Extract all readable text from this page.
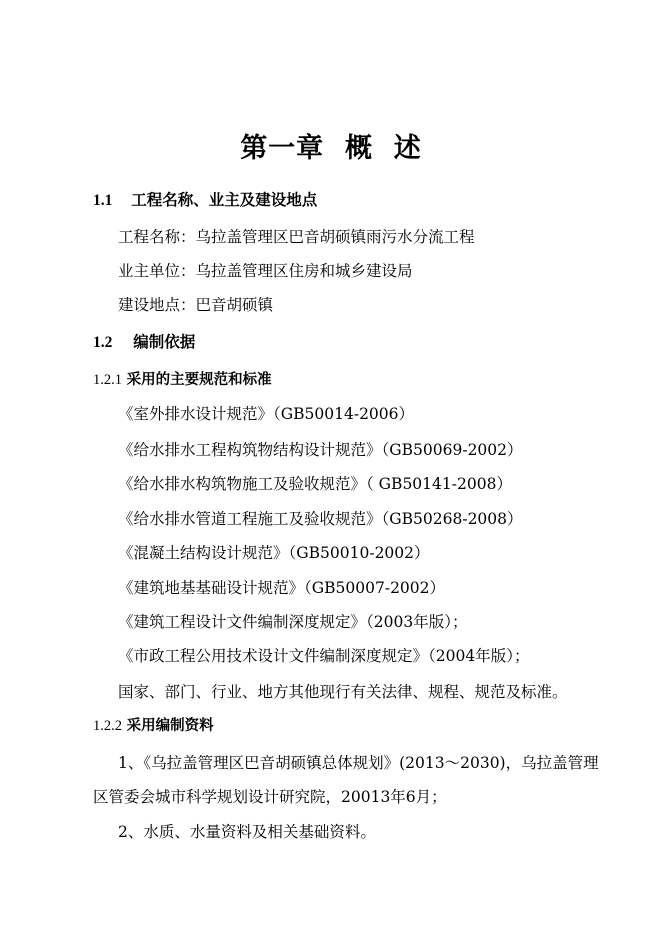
第一章  概  述
1.1 工程名称、业主及建设地点
工程名称：乌拉盖管理区巴音胡硕镇雨污水分流工程
业主单位：乌拉盖管理区住房和城乡建设局
建设地点：巴音胡硕镇
1.2 编制依据
1.2.1 采用的主要规范和标准
《室外排水设计规范》（GB50014-2006）
《给水排水工程构筑物结构设计规范》（GB50069-2002）
《给水排水构筑物施工及验收规范》（ GB50141-2008）
《给水排水管道工程施工及验收规范》（GB50268-2008）
《混凝土结构设计规范》（GB50010-2002）
《建筑地基基础设计规范》（GB50007-2002）
《建筑工程设计文件编制深度规定》（2003年版）；
《市政工程公用技术设计文件编制深度规定》（2004年版）；
国家、部门、行业、地方其他现行有关法律、规程、规范及标准。
1.2.2 采用编制资料
1、《乌拉盖管理区巴音胡硕镇总体规划》(2013～2030)，乌拉盖管理
区管委会城市科学规划设计研究院，20013年6月；
2、水质、水量资料及相关基础资料。
